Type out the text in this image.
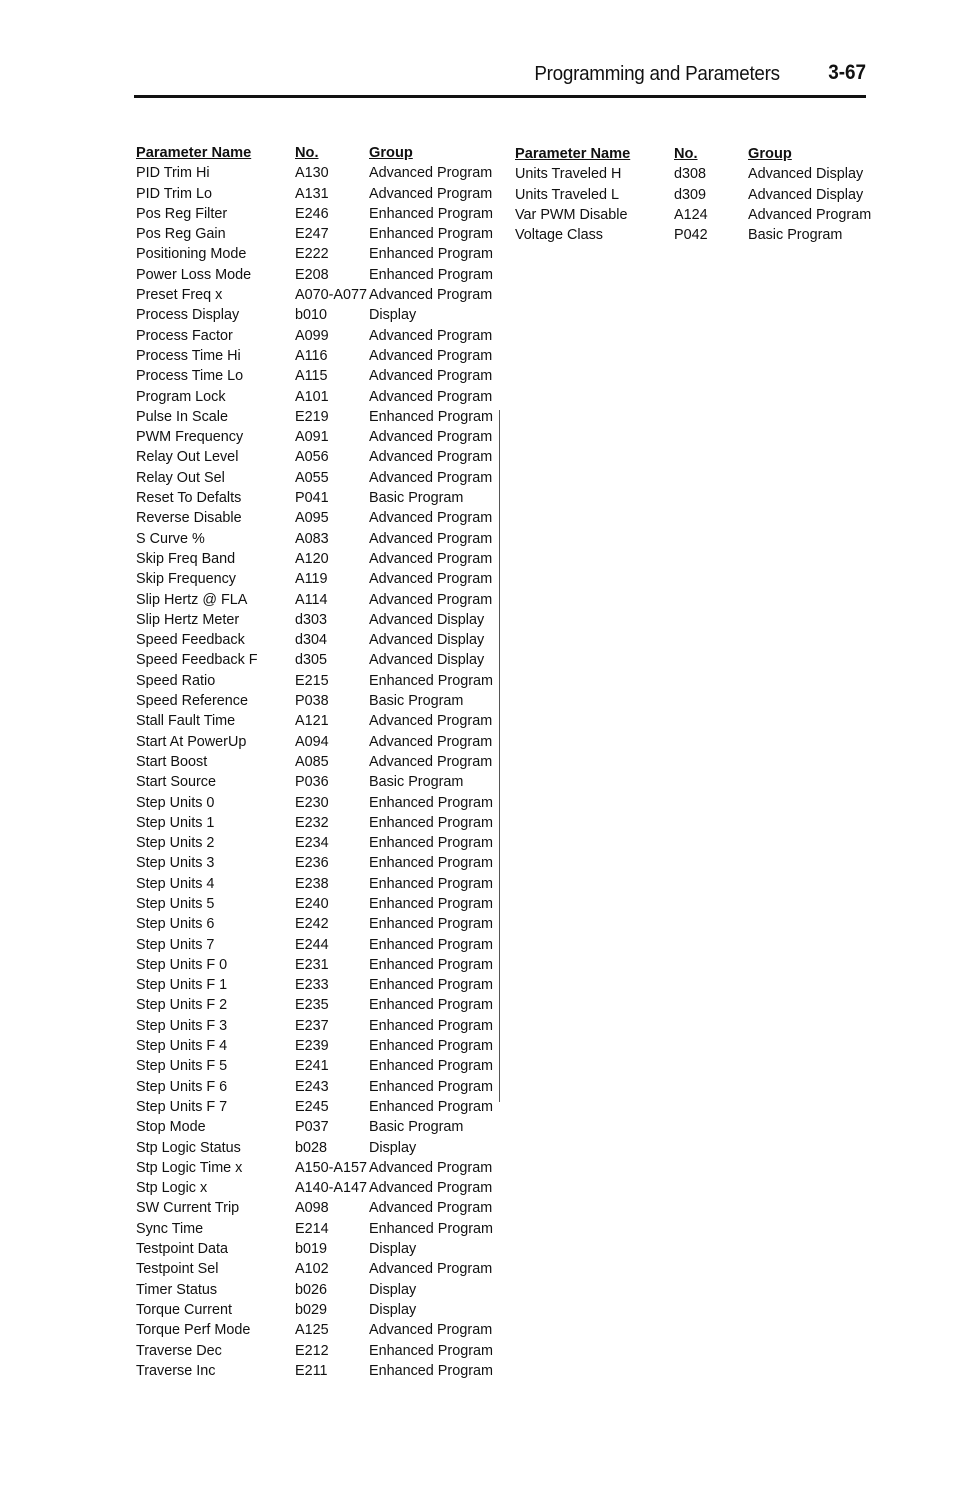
Programming and Parameters 3-67
Parameter Name	No.	Group
PID Trim Hi	A130	Advanced Program
PID Trim Lo	A131	Advanced Program
Pos Reg Filter	E246	Enhanced Program
Pos Reg Gain	E247	Enhanced Program
Positioning Mode	E222	Enhanced Program
Power Loss Mode	E208	Enhanced Program
Preset Freq x	A070-A077	Advanced Program
Process Display	b010	Display
Process Factor	A099	Advanced Program
Process Time Hi	A116	Advanced Program
Process Time Lo	A115	Advanced Program
Program Lock	A101	Advanced Program
Pulse In Scale	E219	Enhanced Program
PWM Frequency	A091	Advanced Program
Relay Out Level	A056	Advanced Program
Relay Out Sel	A055	Advanced Program
Reset To Defalts	P041	Basic Program
Reverse Disable	A095	Advanced Program
S Curve %	A083	Advanced Program
Skip Freq Band	A120	Advanced Program
Skip Frequency	A119	Advanced Program
Slip Hertz @ FLA	A114	Advanced Program
Slip Hertz Meter	d303	Advanced Display
Speed Feedback	d304	Advanced Display
Speed Feedback F	d305	Advanced Display
Speed Ratio	E215	Enhanced Program
Speed Reference	P038	Basic Program
Stall Fault Time	A121	Advanced Program
Start At PowerUp	A094	Advanced Program
Start Boost	A085	Advanced Program
Start Source	P036	Basic Program
Step Units 0	E230	Enhanced Program
Step Units 1	E232	Enhanced Program
Step Units 2	E234	Enhanced Program
Step Units 3	E236	Enhanced Program
Step Units 4	E238	Enhanced Program
Step Units 5	E240	Enhanced Program
Step Units 6	E242	Enhanced Program
Step Units 7	E244	Enhanced Program
Step Units F 0	E231	Enhanced Program
Step Units F 1	E233	Enhanced Program
Step Units F 2	E235	Enhanced Program
Step Units F 3	E237	Enhanced Program
Step Units F 4	E239	Enhanced Program
Step Units F 5	E241	Enhanced Program
Step Units F 6	E243	Enhanced Program
Step Units F 7	E245	Enhanced Program
Stop Mode	P037	Basic Program
Stp Logic Status	b028	Display
Stp Logic Time x	A150-A157	Advanced Program
Stp Logic x	A140-A147	Advanced Program
SW Current Trip	A098	Advanced Program
Sync Time	E214	Enhanced Program
Testpoint Data	b019	Display
Testpoint Sel	A102	Advanced Program
Timer Status	b026	Display
Torque Current	b029	Display
Torque Perf Mode	A125	Advanced Program
Traverse Dec	E212	Enhanced Program
Traverse Inc	E211	Enhanced Program
Parameter Name	No.	Group
Units Traveled H	d308	Advanced Display
Units Traveled L	d309	Advanced Display
Var PWM Disable	A124	Advanced Program
Voltage Class	P042	Basic Program
